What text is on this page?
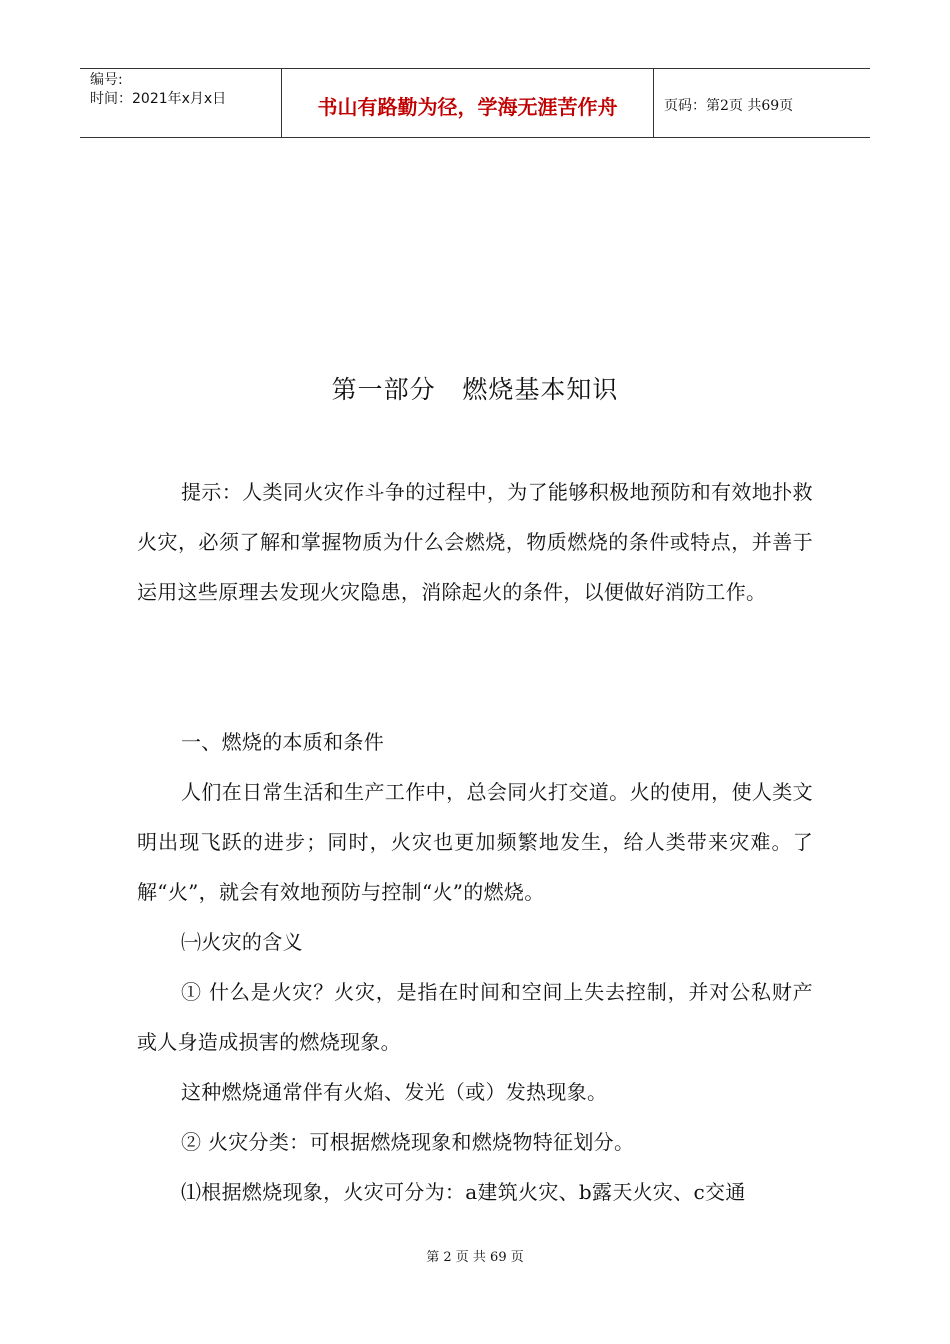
编号:
时间：2021年x月x日	书山有路勤为径，学海无涯苦作舟	页码：第2页 共69页
第一部分   燃烧基本知识

提示：人类同火灾作斗争的过程中，为了能够积极地预防和有效地扑救火灾，必须了解和掌握物质为什么会燃烧，物质燃烧的条件或特点，并善于运用这些原理去发现火灾隐患，消除起火的条件，以便做好消防工作。

一、燃烧的本质和条件

人们在日常生活和生产工作中，总会同火打交道。火的使用，使人类文明出现飞跃的进步；同时，火灾也更加频繁地发生，给人类带来灾难。了解“火”，就会有效地预防与控制“火”的燃烧。

㈠火灾的含义

① 什么是火灾？火灾，是指在时间和空间上失去控制，并对公私财产或人身造成损害的燃烧现象。

这种燃烧通常伴有火焰、发光（或）发热现象。

② 火灾分类：可根据燃烧现象和燃烧物特征划分。

⑴根据燃烧现象，火灾可分为：a建筑火灾、b露天火灾、c交通

第 2 页 共 69 页
